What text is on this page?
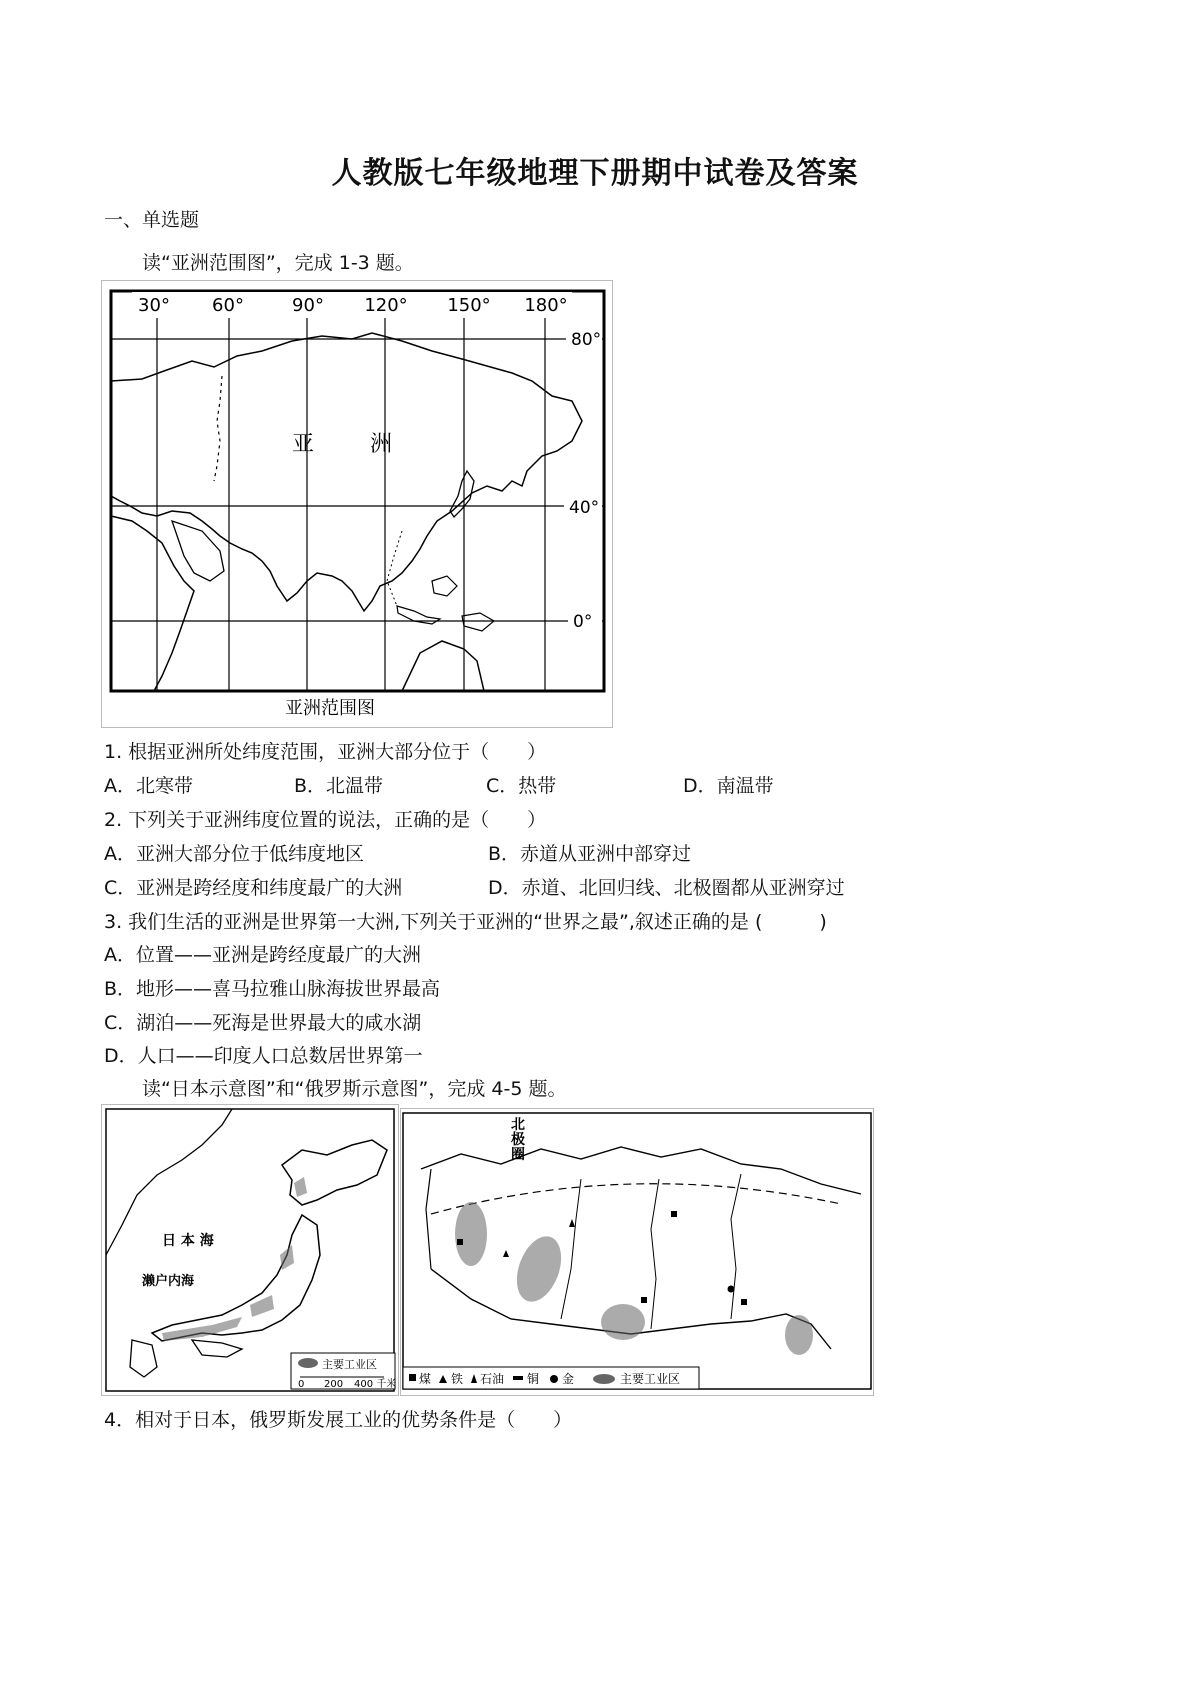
人教版七年级地理下册期中试卷及答案
一、单选题
读“亚洲范围图”，完成 1-3 题。
30° 60°	90° 120° 150° 180°
80°
40°
0°
亚	洲
亚洲范围图
1. 根据亚洲所处纬度范围，亚洲大部分位于（　　）
A．北寒带	B．北温带	C．热带	D．南温带
2. 下列关于亚洲纬度位置的说法，正确的是（　　）
A．亚洲大部分位于低纬度地区	B．赤道从亚洲中部穿过
C．亚洲是跨经度和纬度最广的大洲	D．赤道、北回归线、北极圈都从亚洲穿过
3. 我们生活的亚洲是世界第一大洲,下列关于亚洲的“世界之最”,叙述正确的是 (　　　)
A．位置——亚洲是跨经度最广的大洲
B．地形——喜马拉雅山脉海拔世界最高
C．湖泊——死海是世界最大的咸水湖
D．人口——印度人口总数居世界第一
读“日本示意图”和“俄罗斯示意图”，完成 4-5 题。
日 本 海
濑户内海
主要工业区
0 200 400 千米
北
极
圈
煤 铁 石油 铜 金	主要工业区
4．相对于日本，俄罗斯发展工业的优势条件是（　　）
